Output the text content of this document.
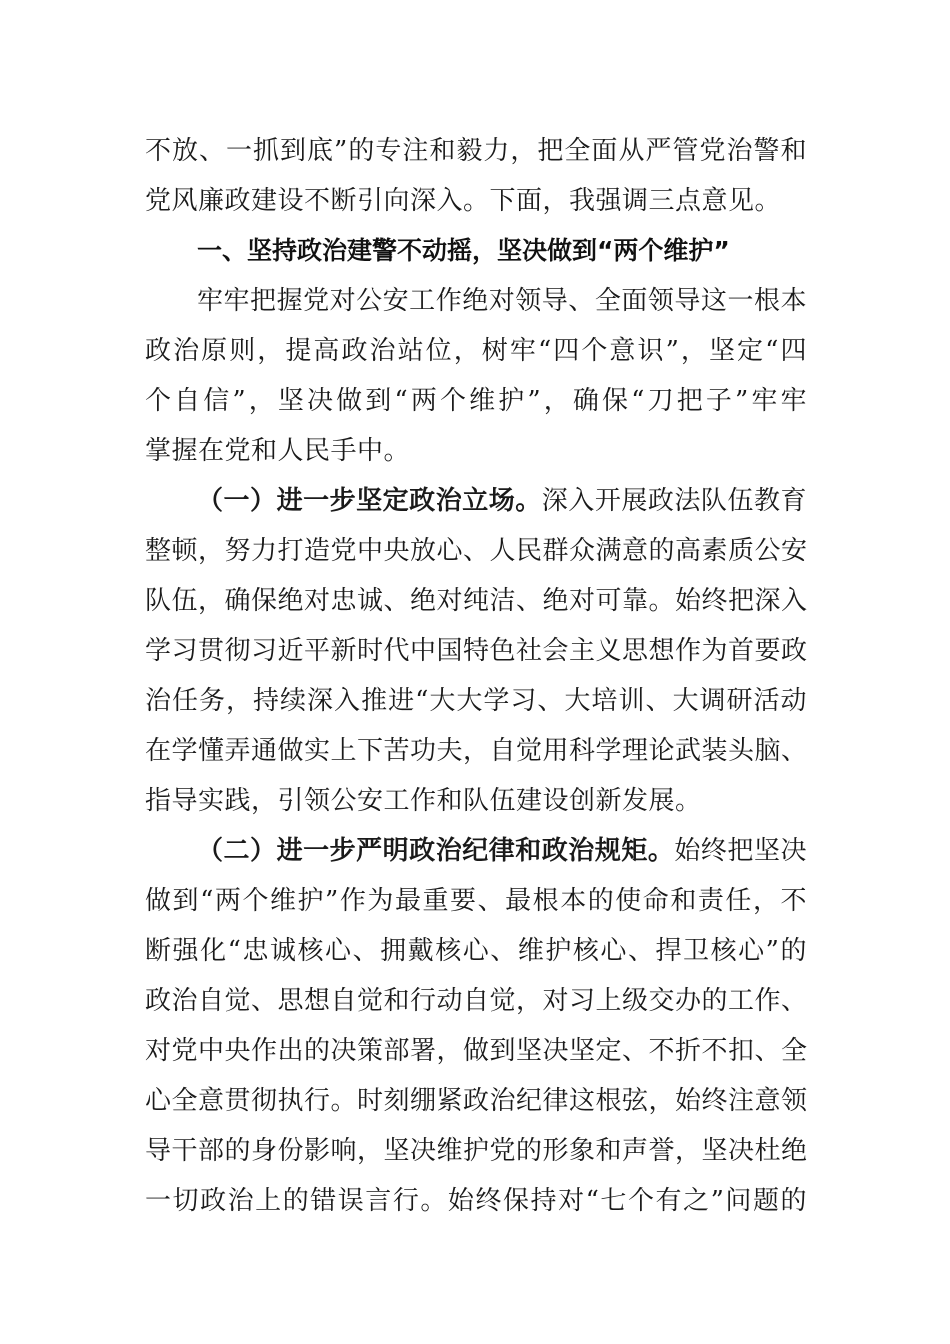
不放、一抓到底”的专注和毅力，把全面从严管党治警和
党风廉政建设不断引向深入。下面，我强调三点意见。
一、坚持政治建警不动摇，坚决做到“两个维护”
牢牢把握党对公安工作绝对领导、全面领导这一根本
政治原则，提高政治站位，树牢“四个意识”，坚定“四
个自信”，坚决做到“两个维护”，确保“刀把子”牢牢
掌握在党和人民手中。
（一）进一步坚定政治立场。深入开展政法队伍教育
整顿，努力打造党中央放心、人民群众满意的高素质公安
队伍，确保绝对忠诚、绝对纯洁、绝对可靠。始终把深入
学习贯彻习近平新时代中国特色社会主义思想作为首要政
治任务，持续深入推进“大大学习、大培训、大调研活动
在学懂弄通做实上下苦功夫，自觉用科学理论武装头脑、
指导实践，引领公安工作和队伍建设创新发展。
（二）进一步严明政治纪律和政治规矩。始终把坚决
做到“两个维护”作为最重要、最根本的使命和责任，不
断强化“忠诚核心、拥戴核心、维护核心、捍卫核心”的
政治自觉、思想自觉和行动自觉，对习上级交办的工作、
对党中央作出的决策部署，做到坚决坚定、不折不扣、全
心全意贯彻执行。时刻绷紧政治纪律这根弦，始终注意领
导干部的身份影响，坚决维护党的形象和声誉，坚决杜绝
一切政治上的错误言行。始终保持对“七个有之”问题的
